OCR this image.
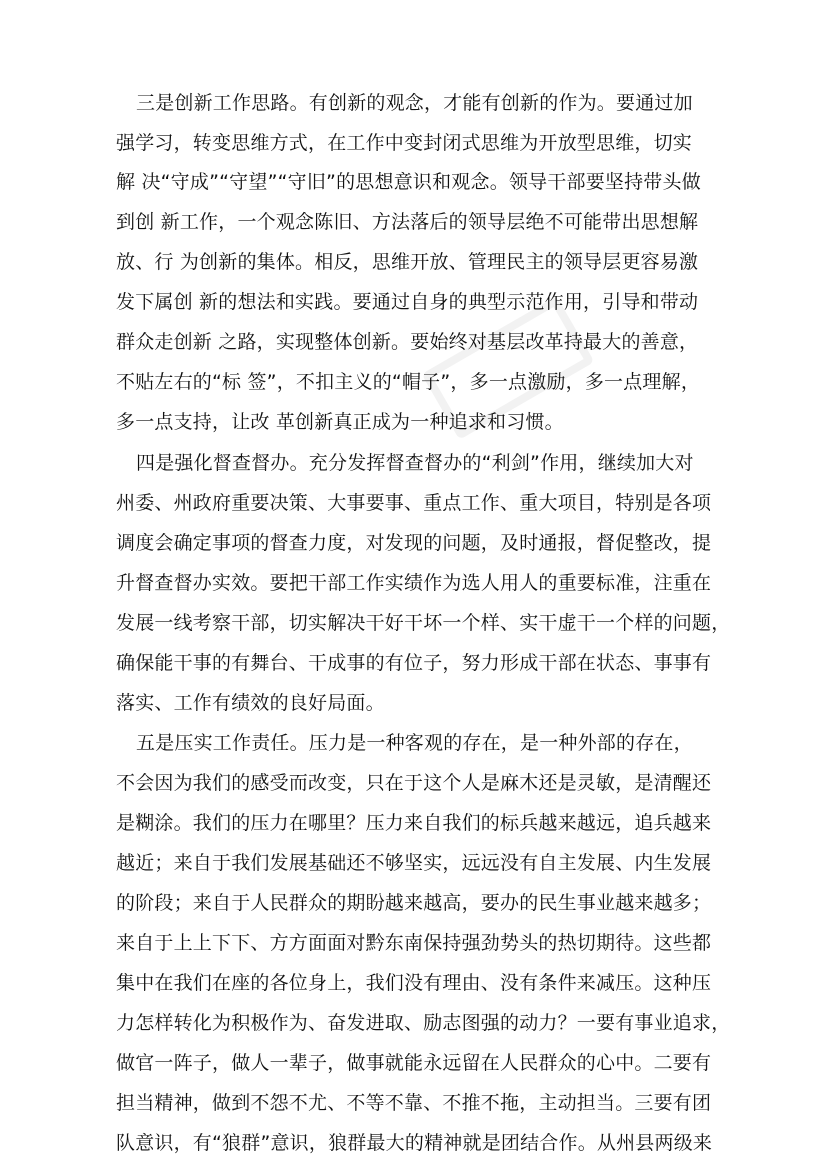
三是创新工作思路。有创新的观念，才能有创新的作为。要通过加
强学习，转变思维方式，在工作中变封闭式思维为开放型思维，切实
解 决“守成”“守望”“守旧”的思想意识和观念。领导干部要坚持带头做
到创 新工作，一个观念陈旧、方法落后的领导层绝不可能带出思想解
放、行 为创新的集体。相反，思维开放、管理民主的领导层更容易激
发下属创 新的想法和实践。要通过自身的典型示范作用，引导和带动
群众走创新 之路，实现整体创新。要始终对基层改革持最大的善意，
不贴左右的“标 签”，不扣主义的“帽子”，多一点激励，多一点理解，
多一点支持，让改 革创新真正成为一种追求和习惯。
四是强化督查督办。充分发挥督查督办的“利剑”作用，继续加大对
州委、州政府重要决策、大事要事、重点工作、重大项目，特别是各项
调度会确定事项的督查力度，对发现的问题，及时通报，督促整改，提
升督查督办实效。要把干部工作实绩作为选人用人的重要标准，注重在
发展一线考察干部，切实解决干好干坏一个样、实干虚干一个样的问题，
确保能干事的有舞台、干成事的有位子，努力形成干部在状态、事事有
落实、工作有绩效的良好局面。
五是压实工作责任。压力是一种客观的存在，是一种外部的存在，
不会因为我们的感受而改变，只在于这个人是麻木还是灵敏，是清醒还
是糊涂。我们的压力在哪里？压力来自我们的标兵越来越远，追兵越来
越近；来自于我们发展基础还不够坚实，远远没有自主发展、内生发展
的阶段；来自于人民群众的期盼越来越高，要办的民生事业越来越多；
来自于上上下下、方方面面对黔东南保持强劲势头的热切期待。这些都
集中在我们在座的各位身上，我们没有理由、没有条件来减压。这种压
力怎样转化为积极作为、奋发进取、励志图强的动力？一要有事业追求，
做官一阵子，做人一辈子，做事就能永远留在人民群众的心中。二要有
担当精神，做到不怨不尤、不等不靠、不推不拖，主动担当。三要有团
队意识，有“狼群”意识，狼群最大的精神就是团结合作。从州县两级来
